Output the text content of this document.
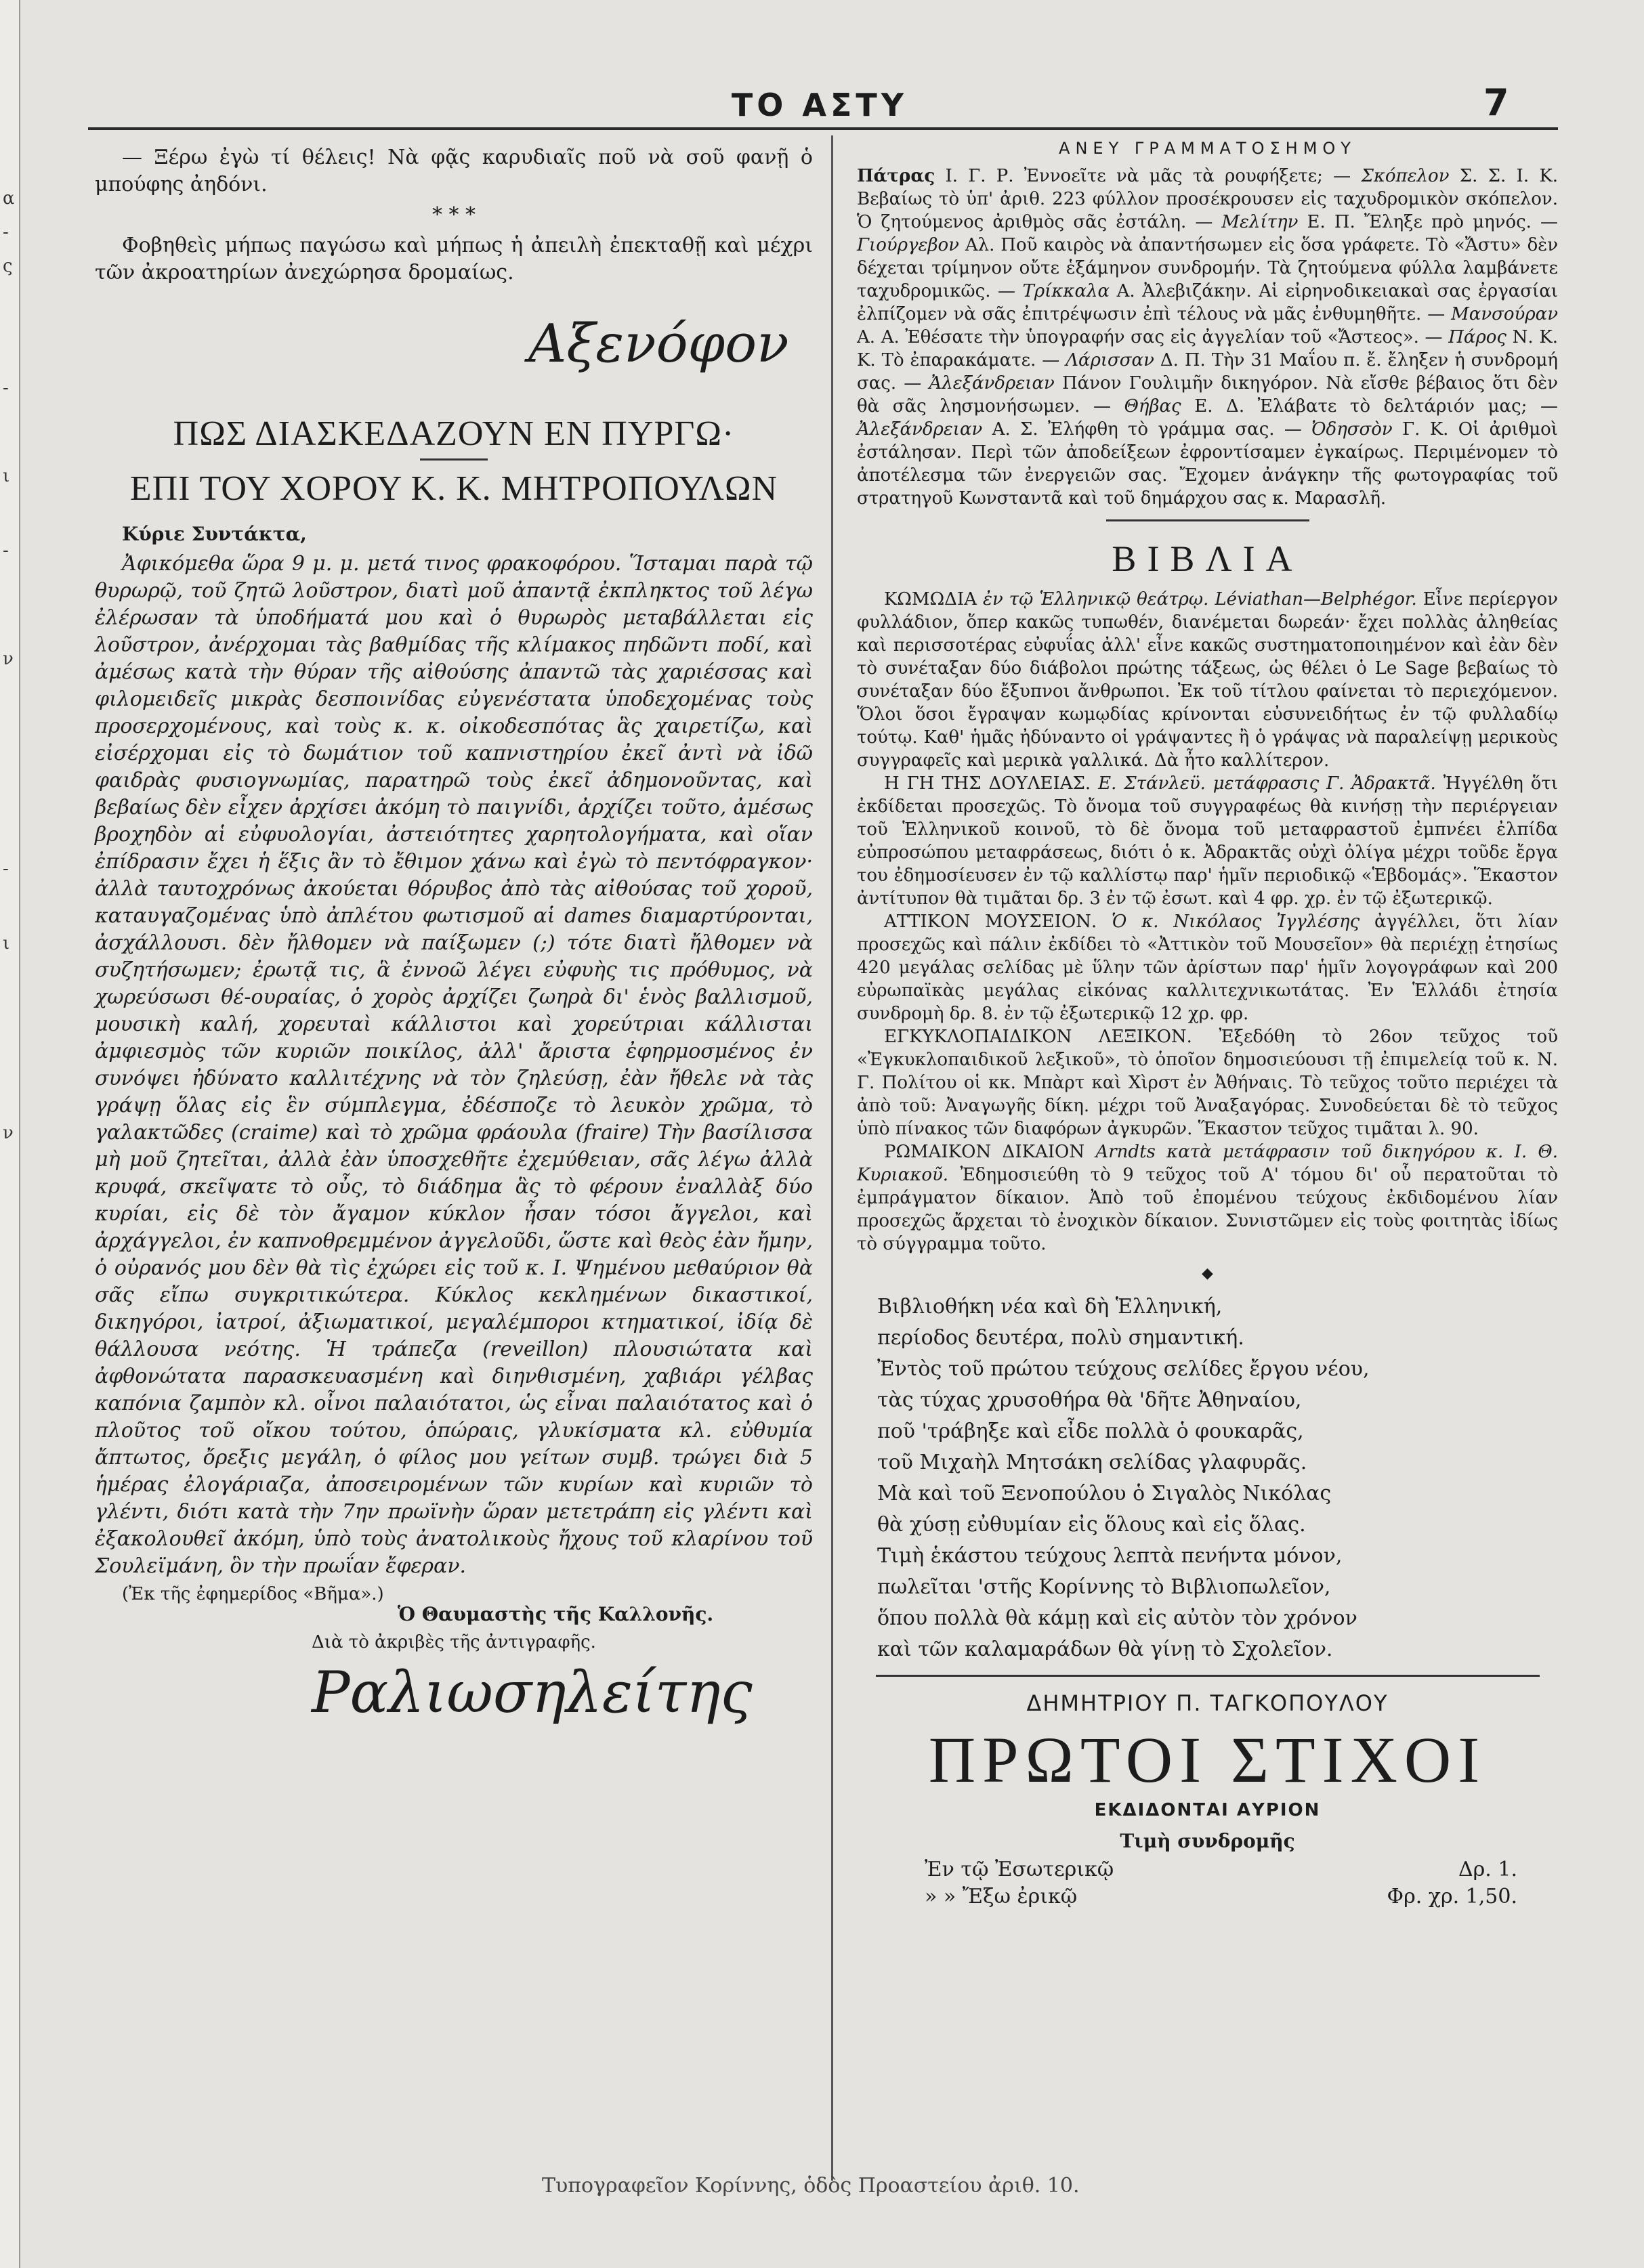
α
-
ς
-
ι
-
ν
-
ι
ν
ΤΟ ΑΣΤΥ	7

— Ξέρω ἐγὼ τί θέλεις! Νὰ φᾷς καρυδιαῖς ποῦ νὰ σοῦ φανῇ ὁ μπούφης ἀηδόνι.

* * *

Φοβηθεὶς μήπως παγώσω καὶ μήπως ἡ ἀπειλὴ ἐπεκταθῇ καὶ μέχρι τῶν ἀκροατηρίων ἀνεχώρησα δρομαίως.

Αξενόφον

ΠΩΣ ΔΙΑΣΚΕΔΑΖΟΥΝ ΕΝ ΠΥΡΓΩ·

ΕΠΙ ΤΟΥ ΧΟΡΟΥ Κ. Κ. ΜΗΤΡΟΠΟΥΛΩΝ

Κύριε Συντάκτα,

Ἀφικόμεθα ὥρα 9 μ. μ. μετά τινος φρακοφόρου. Ἵσταμαι παρὰ τῷ θυρωρῷ, τοῦ ζητῶ λοῦστρον, διατὶ μοῦ ἀπαντᾷ ἐκπληκτος τοῦ λέγω ἐλέρωσαν τὰ ὑποδήματά μου καὶ ὁ θυρωρὸς μεταβάλλεται εἰς λοῦστρον, ἀνέρχομαι τὰς βαθμίδας τῆς κλίμακος πηδῶντι ποδί, καὶ ἀμέσως κατὰ τὴν θύραν τῆς αἰθούσης ἀπαντῶ τὰς χαριέσσας καὶ φιλομειδεῖς μικρὰς δεσποινίδας εὐγενέστατα ὑποδεχομένας τοὺς προσερχομένους, καὶ τοὺς κ. κ. οἰκοδεσπότας ἃς χαιρετίζω, καὶ εἰσέρχομαι εἰς τὸ δωμάτιον τοῦ καπνιστηρίου ἐκεῖ ἀντὶ νὰ ἰδῶ φαιδρὰς φυσιογνωμίας, παρατηρῶ τοὺς ἐκεῖ ἀδημονοῦντας, καὶ βεβαίως δὲν εἶχεν ἀρχίσει ἀκόμη τὸ παιγνίδι, ἀρχίζει τοῦτο, ἀμέσως βροχηδὸν αἱ εὐφυολογίαι, ἀστειότητες χαρητολογήματα, καὶ οἵαν ἐπίδρασιν ἔχει ἡ ἕξις ἂν τὸ ἔθιμον χάνω καὶ ἐγὼ τὸ πεντόφραγκον· ἀλλὰ ταυτοχρόνως ἀκούεται θόρυβος ἀπὸ τὰς αἰθούσας τοῦ χοροῦ, καταυγαζομένας ὑπὸ ἀπλέτου φωτισμοῦ αἱ dames διαμαρτύρονται, ἀσχάλλουσι. δὲν ἤλθομεν νὰ παίξωμεν (;) τότε διατὶ ἤλθομεν νὰ συζητήσωμεν; ἐρωτᾷ τις, ἃ ἐννοῶ λέγει εὐφυὴς τις πρόθυμος, νὰ χωρεύσωσι θέ-ουραίας, ὁ χορὸς ἀρχίζει ζωηρὰ δι' ἑνὸς βαλλισμοῦ, μουσικὴ καλή, χορευταὶ κάλλιστοι καὶ χορεύτριαι κάλλισται ἀμφιεσμὸς τῶν κυριῶν ποικίλος, ἀλλ' ἄριστα ἐφηρμοσμένος ἐν συνόψει ἠδύνατο καλλιτέχνης νὰ τὸν ζηλεύσῃ, ἐὰν ἤθελε νὰ τὰς γράψῃ ὅλας εἰς ἓν σύμπλεγμα, ἐδέσποζε τὸ λευκὸν χρῶμα, τὸ γαλακτῶδες (craime) καὶ τὸ χρῶμα φράουλα (fraire) Τὴν βασίλισσα μὴ μοῦ ζητεῖται, ἀλλὰ ἐὰν ὑποσχεθῆτε ἐχεμύθειαν, σᾶς λέγω ἀλλὰ κρυφά, σκεῖψατε τὸ οὖς, τὸ διάδημα ἃς τὸ φέρουν ἐναλλὰξ δύο κυρίαι, εἰς δὲ τὸν ἄγαμον κύκλον ἦσαν τόσοι ἄγγελοι, καὶ ἀρχάγγελοι, ἐν καπνοθρεμμένον ἀγγελοῦδι, ὥστε καὶ θεὸς ἐὰν ἤμην, ὁ οὐρανός μου δὲν θὰ τὶς ἐχώρει εἰς τοῦ κ. Ι. Ψημένου μεθαύριον θὰ σᾶς εἴπω συγκριτικώτερα. Κύκλος κεκλημένων δικαστικοί, δικηγόροι, ἰατροί, ἀξιωματικοί, μεγαλέμποροι κτηματικοί, ἰδίᾳ δὲ θάλλουσα νεότης. Ἡ τράπεζα (reveillon) πλουσιώτατα καὶ ἀφθονώτατα παρασκευασμένη καὶ διηνθισμένη, χαβιάρι γέλβας καπόνια ζαμπὸν κλ. οἶνοι παλαιότατοι, ὡς εἶναι παλαιότατος καὶ ὁ πλοῦτος τοῦ οἴκου τούτου, ὁπώραις, γλυκίσματα κλ. εὐθυμία ἄπτωτος, ὄρεξις μεγάλη, ὁ φίλος μου γείτων συμβ. τρώγει διὰ 5 ἡμέρας ἐλογάριαζα, ἀποσειρομένων τῶν κυρίων καὶ κυριῶν τὸ γλέντι, διότι κατὰ τὴν 7ην πρωϊνὴν ὥραν μετετράπη εἰς γλέντι καὶ ἐξακολουθεῖ ἀκόμη, ὑπὸ τοὺς ἀνατολικοὺς ἤχους τοῦ κλαρίνου τοῦ Σουλεϊμάνη, ὃν τὴν πρωΐαν ἔφεραν.

(Ἐκ τῆς ἐφημερίδος «Βῆμα».)
Ὁ Θαυμαστὴς τῆς Καλλονῆς.
Διὰ τὸ ἀκριβὲς τῆς ἀντιγραφῆς.
Ραλιωσηλείτης
ΑΝΕΥ ΓΡΑΜΜΑΤΟΣΗΜΟΥ

Πάτρας Ι. Γ. Ρ. Ἐννοεῖτε νὰ μᾶς τὰ ρουφήξετε; — Σκόπελον Σ. Σ. Ι. Κ. Βεβαίως τὸ ὑπ' ἀριθ. 223 φύλλον προσέκρουσεν εἰς ταχυδρομικὸν σκόπελον. Ὁ ζητούμενος ἀριθμὸς σᾶς ἐστάλη. — Μελίτην Ε. Π. Ἔληξε πρὸ μηνός. — Γιούργεβον Αλ. Ποῦ καιρὸς νὰ ἀπαντήσωμεν εἰς ὅσα γράφετε. Τὸ «Ἄστυ» δὲν δέχεται τρίμηνον οὔτε ἑξάμηνον συνδρομήν. Τὰ ζητούμενα φύλλα λαμβάνετε ταχυδρομικῶς. — Τρίκκαλα Α. Ἀλεβιζάκην. Αἱ εἰρηνοδικειακαὶ σας ἐργασίαι ἐλπίζομεν νὰ σᾶς ἐπιτρέψωσιν ἐπὶ τέλους νὰ μᾶς ἐνθυμηθῆτε. — Μανσούραν Α. Α. Ἐθέσατε τὴν ὑπογραφήν σας εἰς ἀγγελίαν τοῦ «Ἄστεος». — Πάρος Ν. Κ. Κ. Τὸ ἐπαρακάματε. — Λάρισσαν Δ. Π. Τὴν 31 Μαΐου π. ἔ. ἔληξεν ἡ συνδρομή σας. — Ἀλεξάνδρειαν Πάνον Γουλιμῆν δικηγόρον. Νὰ εἴσθε βέβαιος ὅτι δὲν θὰ σᾶς λησμονήσωμεν. — Θήβας Ε. Δ. Ἐλάβατε τὸ δελτάριόν μας; — Ἀλεξάνδρειαν Α. Σ. Ἐλήφθη τὸ γράμμα σας. — Ὀδησσὸν Γ. Κ. Οἱ ἀριθμοὶ ἐστάλησαν. Περὶ τῶν ἀποδείξεων ἐφροντίσαμεν ἐγκαίρως. Περιμένομεν τὸ ἀποτέλεσμα τῶν ἐνεργειῶν σας. Ἔχομεν ἀνάγκην τῆς φωτογραφίας τοῦ στρατηγοῦ Κωνσταντᾶ καὶ τοῦ δημάρχου σας κ. Μαρασλῆ.

ΒΙΒΛΙΑ

ΚΩΜΩΔΙΑ ἐν τῷ Ἑλληνικῷ θεάτρῳ. Léviathan—Belphégor. Εἶνε περίεργον φυλλάδιον, ὅπερ κακῶς τυπωθέν, διανέμεται δωρεάν· ἔχει πολλὰς ἀληθείας καὶ περισσοτέρας εὐφυΐας ἀλλ' εἶνε κακῶς συστηματοποιημένον καὶ ἐὰν δὲν τὸ συνέταξαν δύο διάβολοι πρώτης τάξεως, ὡς θέλει ὁ Le Sage βεβαίως τὸ συνέταξαν δύο ἔξυπνοι ἄνθρωποι. Ἐκ τοῦ τίτλου φαίνεται τὸ περιεχόμενον. Ὅλοι ὅσοι ἔγραψαν κωμῳδίας κρίνονται εὐσυνειδήτως ἐν τῷ φυλλαδίῳ τούτῳ. Καθ' ἡμᾶς ἠδύναντο οἱ γράψαντες ἢ ὁ γράψας νὰ παραλείψῃ μερικοὺς συγγραφεῖς καὶ μερικὰ γαλλικά. Δὰ ἦτο καλλίτερον.

Η ΓΗ ΤΗΣ ΔΟΥΛΕΙΑΣ. Ε. Στάνλεϋ. μετάφρασις Γ. Ἀδρακτᾶ. Ἠγγέλθη ὅτι ἐκδίδεται προσεχῶς. Τὸ ὄνομα τοῦ συγγραφέως θὰ κινήσῃ τὴν περιέργειαν τοῦ Ἑλληνικοῦ κοινοῦ, τὸ δὲ ὄνομα τοῦ μεταφραστοῦ ἐμπνέει ἐλπίδα εὐπροσώπου μεταφράσεως, διότι ὁ κ. Ἀδρακτᾶς οὐχὶ ὀλίγα μέχρι τοῦδε ἔργα του ἐδημοσίευσεν ἐν τῷ καλλίστῳ παρ' ἡμῖν περιοδικῷ «Ἑβδομάς». Ἕκαστον ἀντίτυπον θὰ τιμᾶται δρ. 3 ἐν τῷ ἐσωτ. καὶ 4 φρ. χρ. ἐν τῷ ἐξωτερικῷ.

ΑΤΤΙΚΟΝ ΜΟΥΣΕΙΟΝ. Ὁ κ. Νικόλαος Ἰγγλέσης ἀγγέλλει, ὅτι λίαν προσεχῶς καὶ πάλιν ἐκδίδει τὸ «Ἀττικὸν τοῦ Μουσεῖον» θὰ περιέχῃ ἐτησίως 420 μεγάλας σελίδας μὲ ὕλην τῶν ἀρίστων παρ' ἡμῖν λογογράφων καὶ 200 εὐρωπαϊκὰς μεγάλας εἰκόνας καλλιτεχνικωτάτας. Ἐν Ἑλλάδι ἐτησία συνδρομὴ δρ. 8. ἐν τῷ ἐξωτερικῷ 12 χρ. φρ.

ΕΓΚΥΚΛΟΠΑΙΔΙΚΟΝ ΛΕΞΙΚΟΝ. Ἐξεδόθη τὸ 26ον τεῦχος τοῦ «Ἐγκυκλοπαιδικοῦ λεξικοῦ», τὸ ὁποῖον δημοσιεύουσι τῇ ἐπιμελείᾳ τοῦ κ. Ν. Γ. Πολίτου οἱ κκ. Μπὰρτ καὶ Χὶρστ ἐν Ἀθήναις. Τὸ τεῦχος τοῦτο περιέχει τὰ ἀπὸ τοῦ: Ἀναγωγῆς δίκη. μέχρι τοῦ Ἀναξαγόρας. Συνοδεύεται δὲ τὸ τεῦχος ὑπὸ πίνακος τῶν διαφόρων ἀγκυρῶν. Ἕκαστον τεῦχος τιμᾶται λ. 90.

ΡΩΜΑΙΚΟΝ ΔΙΚΑΙΟΝ Arndts κατὰ μετάφρασιν τοῦ δικηγόρου κ. Ι. Θ. Κυριακοῦ. Ἐδημοσιεύθη τὸ 9 τεῦχος τοῦ Α' τόμου δι' οὗ περατοῦται τὸ ἐμπράγματον δίκαιον. Ἀπὸ τοῦ ἐπομένου τεύχους ἐκδιδομένου λίαν προσεχῶς ἄρχεται τὸ ἐνοχικὸν δίκαιον. Συνιστῶμεν εἰς τοὺς φοιτητὰς ἰδίως τὸ σύγγραμμα τοῦτο.

◆

Βιβλιοθήκη νέα καὶ δὴ Ἑλληνική,

περίοδος δευτέρα, πολὺ σημαντική.

Ἐντὸς τοῦ πρώτου τεύχους σελίδες ἔργου νέου,

τὰς τύχας χρυσοθήρα θὰ 'δῆτε Ἀθηναίου,

ποῦ 'τράβηξε καὶ εἶδε πολλὰ ὁ φουκαρᾶς,

τοῦ Μιχαὴλ Μητσάκη σελίδας γλαφυρᾶς.

Μὰ καὶ τοῦ Ξενοπούλου ὁ Σιγαλὸς Νικόλας

θὰ χύσῃ εὐθυμίαν εἰς ὅλους καὶ εἰς ὅλας.

Τιμὴ ἑκάστου τεύχους λεπτὰ πενήντα μόνον,

πωλεῖται 'στῆς Κορίννης τὸ Βιβλιοπωλεῖον,

ὅπου πολλὰ θὰ κάμῃ καὶ εἰς αὐτὸν τὸν χρόνον

καὶ τῶν καλαμαράδων θὰ γίνῃ τὸ Σχολεῖον.

ΔΗΜΗΤΡΙΟΥ Π. ΤΑΓΚΟΠΟΥΛΟΥ
ΠΡΩΤΟΙ ΣΤΙΧΟΙ
ΕΚΔΙΔΟΝΤΑΙ ΑΥΡΙΟΝ
Τιμὴ συνδρομῆς
Ἐν τῷ Ἐσωτερικῷ	Δρ. 1.
» » Ἔξω ἐρικῷ	Φρ. χρ. 1,50.
Τυπογραφεῖον Κορίννης, ὁδὸς Προαστείου ἀριθ. 10.
